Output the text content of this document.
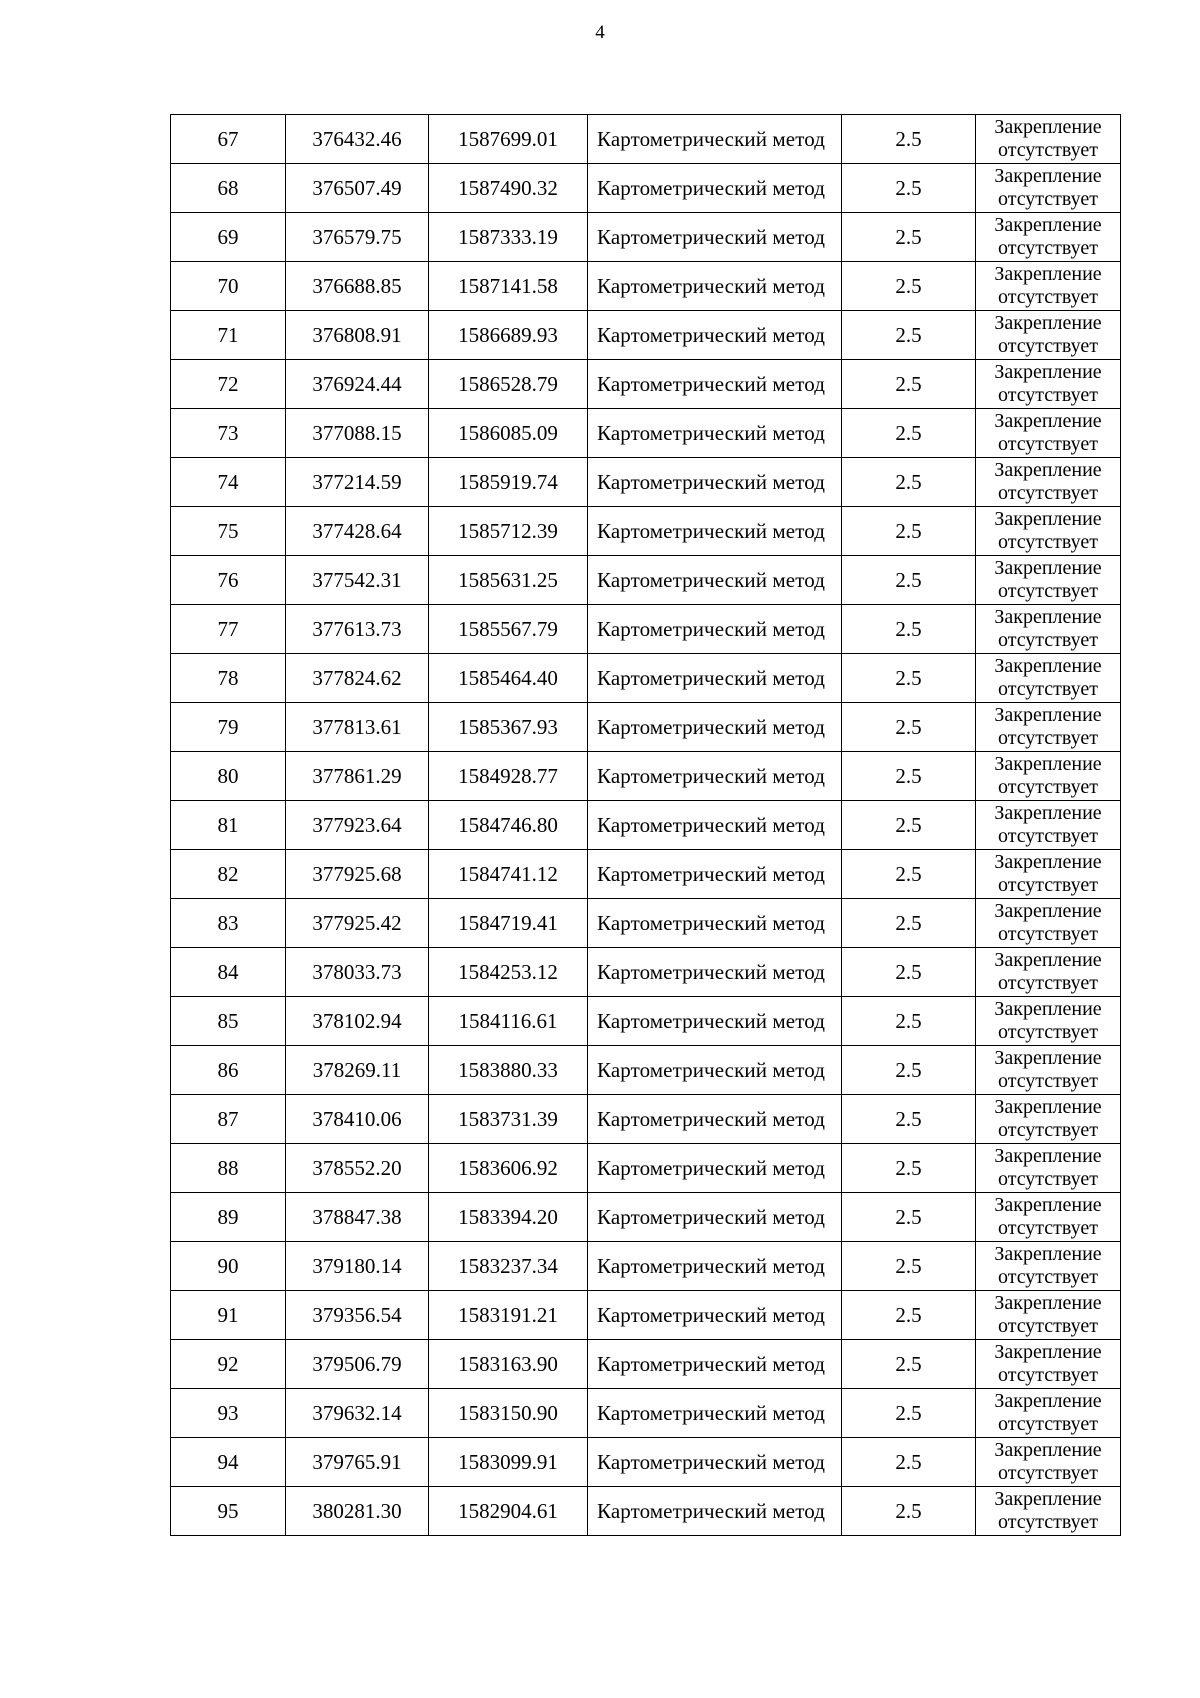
4
67	376432.46	1587699.01	Картометрический метод	2.5	Закрепление
отсутствует

68	376507.49	1587490.32	Картометрический метод	2.5	Закрепление
отсутствует

69	376579.75	1587333.19	Картометрический метод	2.5	Закрепление
отсутствует

70	376688.85	1587141.58	Картометрический метод	2.5	Закрепление
отсутствует

71	376808.91	1586689.93	Картометрический метод	2.5	Закрепление
отсутствует

72	376924.44	1586528.79	Картометрический метод	2.5	Закрепление
отсутствует

73	377088.15	1586085.09	Картометрический метод	2.5	Закрепление
отсутствует

74	377214.59	1585919.74	Картометрический метод	2.5	Закрепление
отсутствует

75	377428.64	1585712.39	Картометрический метод	2.5	Закрепление
отсутствует

76	377542.31	1585631.25	Картометрический метод	2.5	Закрепление
отсутствует

77	377613.73	1585567.79	Картометрический метод	2.5	Закрепление
отсутствует

78	377824.62	1585464.40	Картометрический метод	2.5	Закрепление
отсутствует

79	377813.61	1585367.93	Картометрический метод	2.5	Закрепление
отсутствует

80	377861.29	1584928.77	Картометрический метод	2.5	Закрепление
отсутствует

81	377923.64	1584746.80	Картометрический метод	2.5	Закрепление
отсутствует

82	377925.68	1584741.12	Картометрический метод	2.5	Закрепление
отсутствует

83	377925.42	1584719.41	Картометрический метод	2.5	Закрепление
отсутствует

84	378033.73	1584253.12	Картометрический метод	2.5	Закрепление
отсутствует

85	378102.94	1584116.61	Картометрический метод	2.5	Закрепление
отсутствует

86	378269.11	1583880.33	Картометрический метод	2.5	Закрепление
отсутствует

87	378410.06	1583731.39	Картометрический метод	2.5	Закрепление
отсутствует

88	378552.20	1583606.92	Картометрический метод	2.5	Закрепление
отсутствует

89	378847.38	1583394.20	Картометрический метод	2.5	Закрепление
отсутствует

90	379180.14	1583237.34	Картометрический метод	2.5	Закрепление
отсутствует

91	379356.54	1583191.21	Картометрический метод	2.5	Закрепление
отсутствует

92	379506.79	1583163.90	Картометрический метод	2.5	Закрепление
отсутствует

93	379632.14	1583150.90	Картометрический метод	2.5	Закрепление
отсутствует

94	379765.91	1583099.91	Картометрический метод	2.5	Закрепление
отсутствует

95	380281.30	1582904.61	Картометрический метод	2.5	Закрепление
отсутствует
